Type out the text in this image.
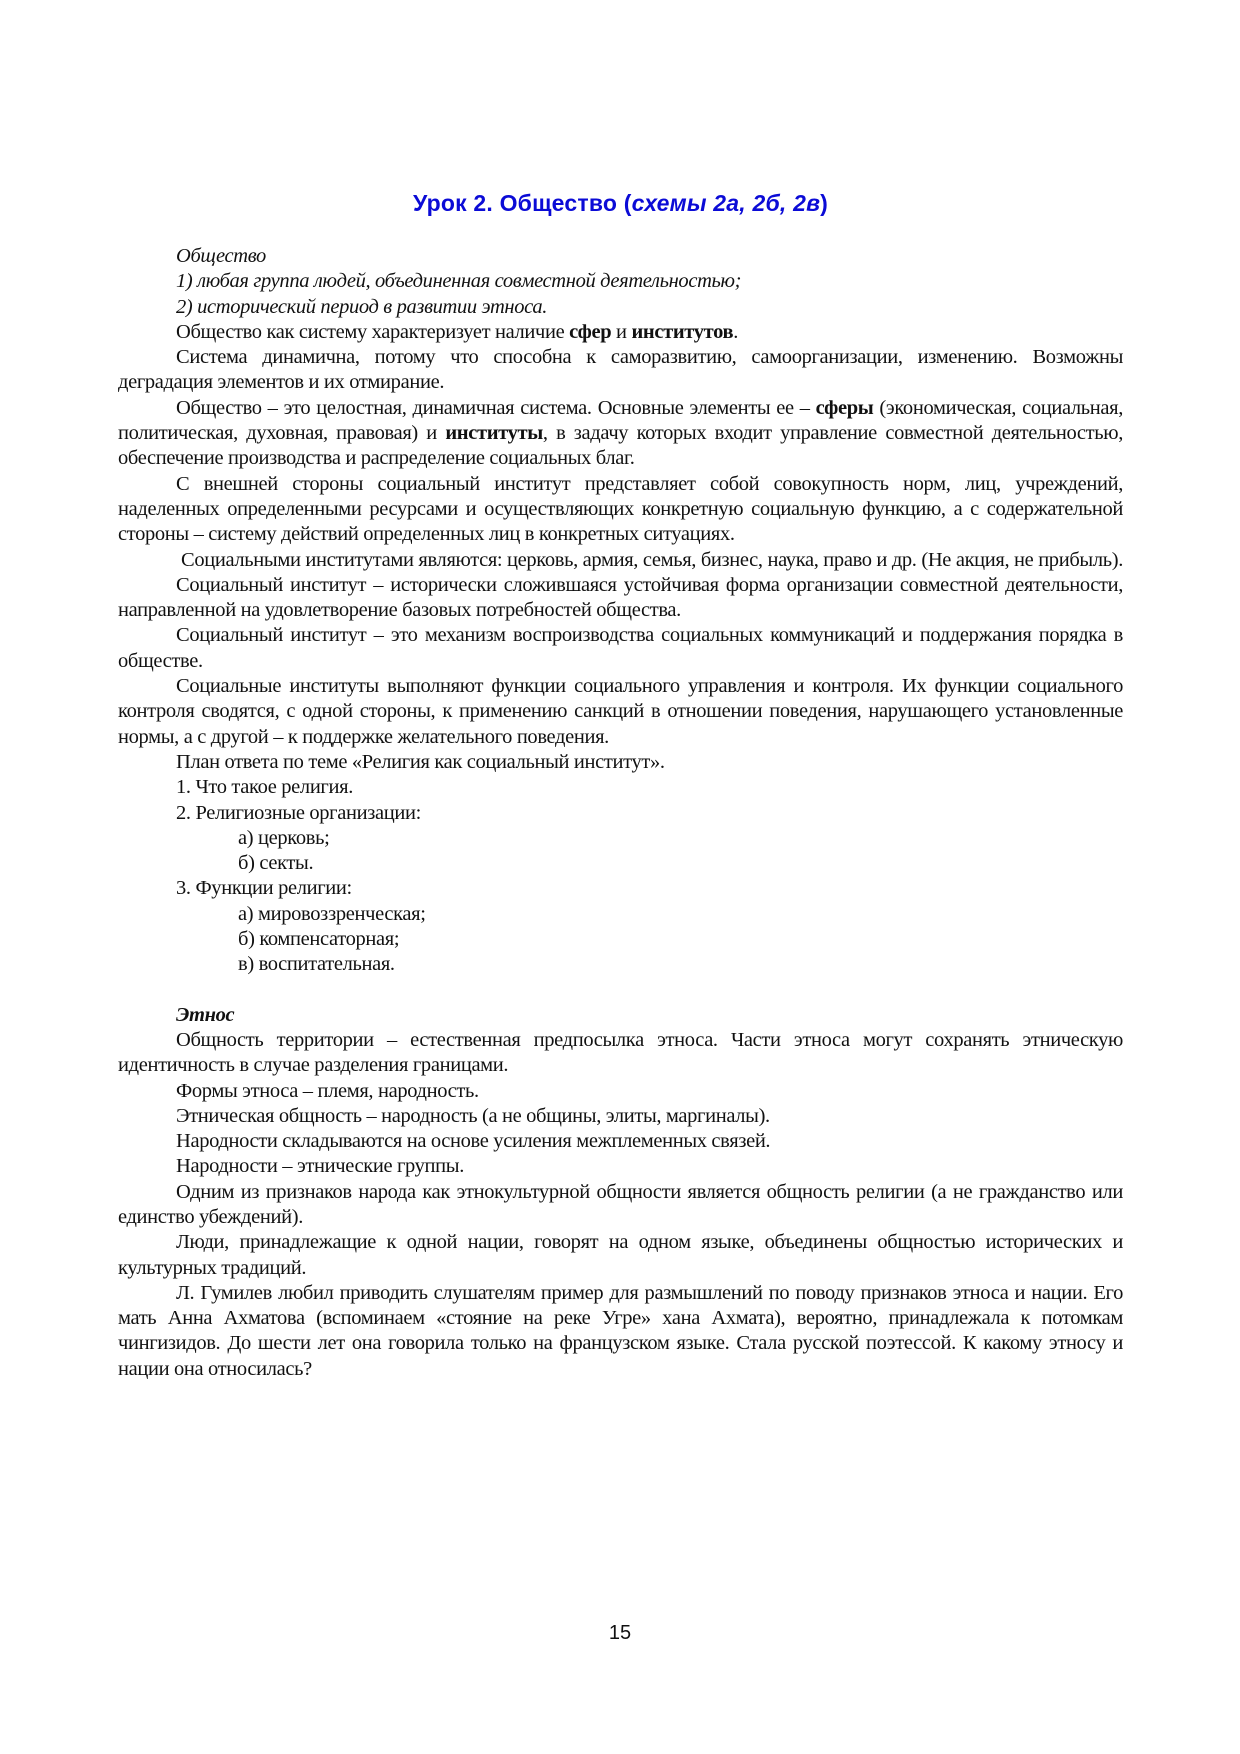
Урок 2. Общество (схемы 2а, 2б, 2в)

Общество

1) любая группа людей, объединенная совместной деятельностью;

2) исторический период в развитии этноса.

Общество как систему характеризует наличие сфер и институтов.

Система динамична, потому что способна к саморазвитию, самоорганизации, изменению. Возможны деградация элементов и их отмирание.

Общество – это целостная, динамичная система. Основные элементы ее – сферы (экономическая, социальная, политическая, духовная, правовая) и институты, в задачу которых входит управление совместной деятельностью, обеспечение производства и распределение социальных благ.

С внешней стороны социальный институт представляет собой совокупность норм, лиц, учреждений, наделенных определенными ресурсами и осуществляющих конкретную социальную функцию, а с содержательной стороны – систему действий определенных лиц в конкретных ситуациях.

Социальными институтами являются: церковь, армия, семья, бизнес, наука, право и др. (Не акция, не прибыль).

Социальный институт – исторически сложившаяся устойчивая форма организации совместной деятельности, направленной на удовлетворение базовых потребностей общества.

Социальный институт – это механизм воспроизводства социальных коммуникаций и поддержания порядка в обществе.

Социальные институты выполняют функции социального управления и контроля. Их функции социального контроля сводятся, с одной стороны, к применению санкций в отношении поведения, нарушающего установленные нормы, а с другой – к поддержке желательного поведения.

План ответа по теме «Религия как социальный институт».

1. Что такое религия.

2. Религиозные организации:

а) церковь;

б) секты.

3. Функции религии:

а) мировоззренческая;

б) компенсаторная;

в) воспитательная.

Этнос

Общность территории – естественная предпосылка этноса. Части этноса могут сохранять этническую идентичность в случае разделения границами.

Формы этноса – племя, народность.

Этническая общность – народность (а не общины, элиты, маргиналы).

Народности складываются на основе усиления межплеменных связей.

Народности – этнические группы.

Одним из признаков народа как этнокультурной общности является общность религии (а не гражданство или единство убеждений).

Люди, принадлежащие к одной нации, говорят на одном языке, объединены общностью исторических и культурных традиций.

Л. Гумилев любил приводить слушателям пример для размышлений по поводу признаков этноса и нации. Его мать Анна Ахматова (вспоминаем «стояние на реке Угре» хана Ахмата), вероятно, принадлежала к потомкам чингизидов. До шести лет она говорила только на французском языке. Стала русской поэтессой. К какому этносу и нации она относилась?

15
